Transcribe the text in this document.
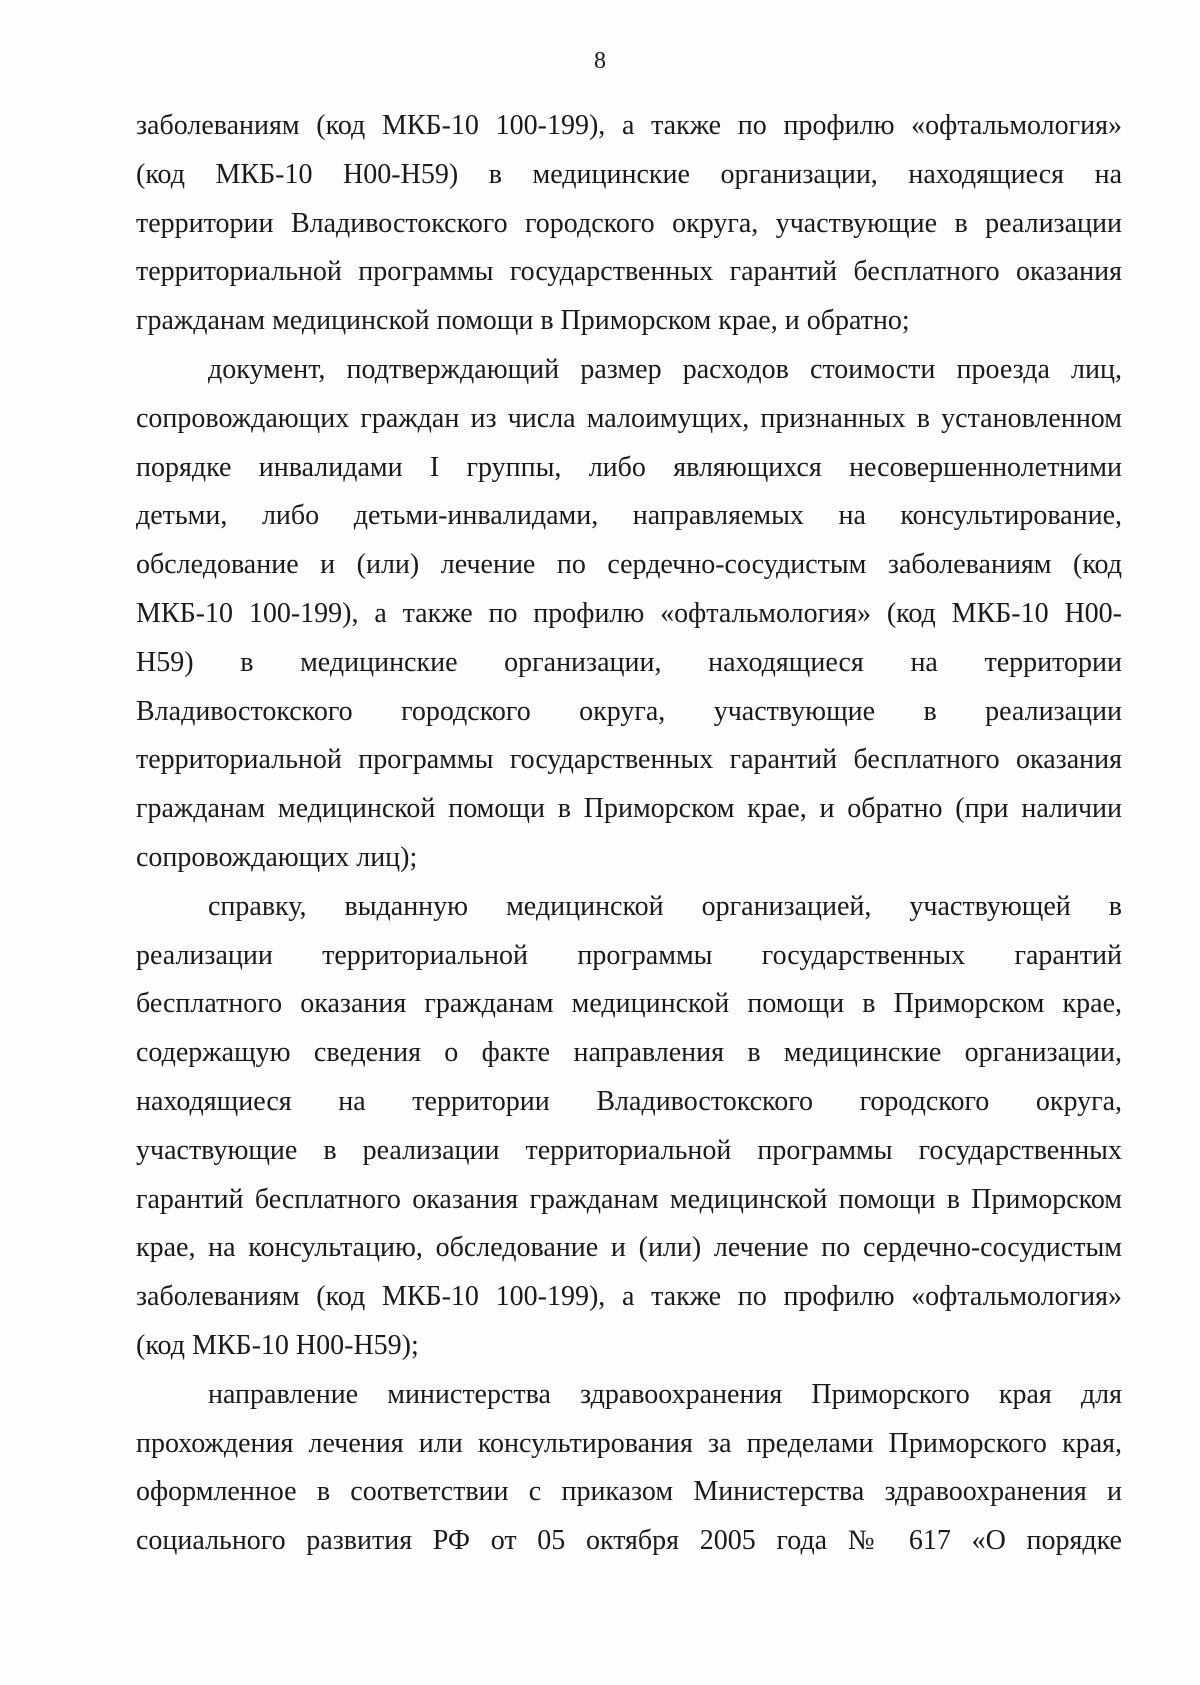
8
заболеваниям (код МКБ-10 100-199), а также по профилю «офтальмология»
(код МКБ-10 Н00-Н59) в медицинские организации, находящиеся на
территории Владивостокского городского округа, участвующие в реализации
территориальной программы государственных гарантий бесплатного оказания
гражданам медицинской помощи в Приморском крае, и обратно;
документ, подтверждающий размер расходов стоимости проезда лиц,
сопровождающих граждан из числа малоимущих, признанных в установленном
порядке инвалидами I группы, либо являющихся несовершеннолетними
детьми, либо детьми-инвалидами, направляемых на консультирование,
обследование и (или) лечение по сердечно-сосудистым заболеваниям (код
МКБ-10 100-199), а также по профилю «офтальмология» (код МКБ-10 Н00-
Н59) в медицинские организации, находящиеся на территории
Владивостокского городского округа, участвующие в реализации
территориальной программы государственных гарантий бесплатного оказания
гражданам медицинской помощи в Приморском крае, и обратно (при наличии
сопровождающих лиц);
справку, выданную медицинской организацией, участвующей в
реализации территориальной программы государственных гарантий
бесплатного оказания гражданам медицинской помощи в Приморском крае,
содержащую сведения о факте направления в медицинские организации,
находящиеся на территории Владивостокского городского округа,
участвующие в реализации территориальной программы государственных
гарантий бесплатного оказания гражданам медицинской помощи в Приморском
крае, на консультацию, обследование и (или) лечение по сердечно-сосудистым
заболеваниям (код МКБ-10 100-199), а также по профилю «офтальмология»
(код МКБ-10 Н00-Н59);
направление министерства здравоохранения Приморского края для
прохождения лечения или консультирования за пределами Приморского края,
оформленное в соответствии с приказом Министерства здравоохранения и
социального развития РФ от 05 октября 2005 года № 617 «О порядке
